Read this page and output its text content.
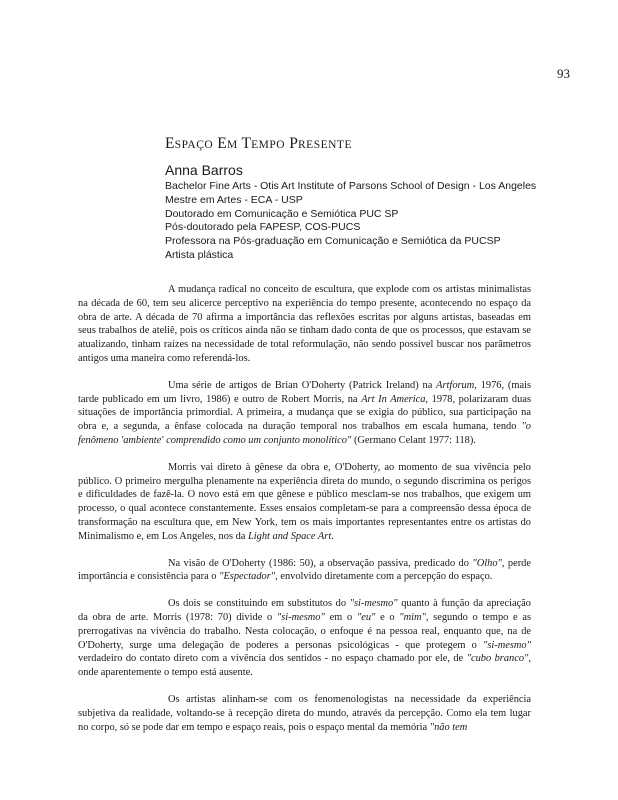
93
ESPAÇO EM TEMPO PRESENTE
Anna Barros
Bachelor Fine Arts - Otis Art Institute of Parsons School of Design - Los Angeles
Mestre em Artes - ECA - USP
Doutorado em Comunicação e Semiótica PUC SP
Pós-doutorado pela FAPESP, COS-PUCS
Professora na Pós-graduação em Comunicação e Semiótica da PUCSP
Artista plástica

A mudança radical no conceito de escultura, que explode com os artistas minimalistas na década de 60, tem seu alicerce perceptivo na experiência do tempo presente, acontecendo no espaço da obra de arte. A década de 70 afirma a importância das reflexões escritas por alguns artistas, baseadas em seus trabalhos de ateliê, pois os críticos ainda não se tinham dado conta de que os processos, que estavam se atualizando, tinham raízes na necessidade de total reformulação, não sendo possível buscar nos parâmetros antigos uma maneira como referendá-los.

Uma série de artigos de Brian O'Doherty (Patrick Ireland) na Artforum, 1976, (mais tarde publicado em um livro, 1986) e outro de Robert Morris, na Art In America, 1978, polarizaram duas situações de importância primordial. A primeira, a mudança que se exigia do público, sua participação na obra e, a segunda, a ênfase colocada na duração temporal nos trabalhos em escala humana, tendo "o fenômeno 'ambiente' comprendido como um conjunto monolítico" (Germano Celant 1977: 118).

Morris vai direto à gênese da obra e, O'Doherty, ao momento de sua vivência pelo público. O primeiro mergulha plenamente na experiência direta do mundo, o segundo discrimina os perigos e dificuldades de fazê-la. O novo está em que gênese e público mesclam-se nos trabalhos, que exigem um processo, o qual acontece constantemente. Esses ensaios completam-se para a compreensão dessa época de transformação na escultura que, em New York, tem os mais importantes representantes entre os artistas do Minimalismo e, em Los Angeles, nos da Light and Space Art.

Na visão de O'Doherty (1986: 50), a observação passiva, predicado do "Olho", perde importância e consistência para o "Espectador", envolvido diretamente com a percepção do espaço.

Os dois se constituindo em substitutos do "si-mesmo" quanto à função da apreciação da obra de arte. Morris (1978: 70) divide o "si-mesmo" em o "eu" e o "mim", segundo o tempo e as prerrogativas na vivência do trabalho. Nesta colocação, o enfoque é na pessoa real, enquanto que, na de O'Doherty, surge uma delegação de poderes a personas psicológicas - que protegem o "si-mesmo" verdadeiro do contato direto com a vivência dos sentidos - no espaço chamado por ele, de "cubo branco", onde aparentemente o tempo está ausente.

Os artistas alinham-se com os fenomenologistas na necessidade da experiência subjetiva da realidade, voltando-se à recepção direta do mundo, através da percepção. Como ela tem lugar no corpo, só se pode dar em tempo e espaço reais, pois o espaço mental da memória "não tem
